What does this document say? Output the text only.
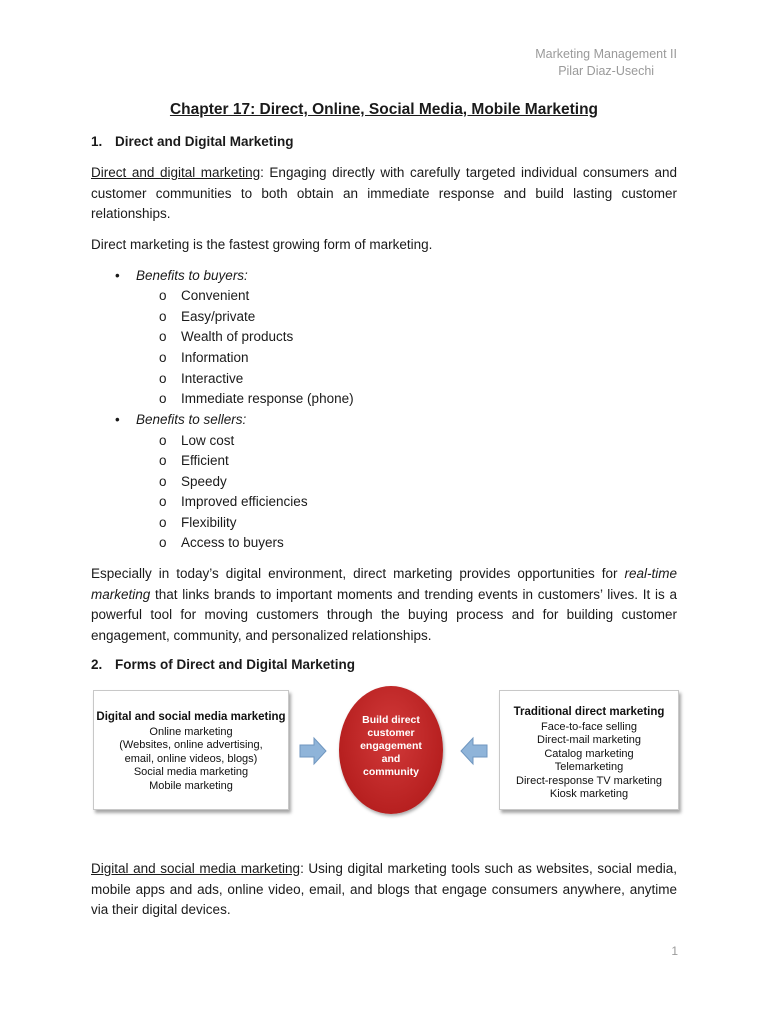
Marketing Management II
Pilar Diaz-Usechi
Chapter 17: Direct, Online, Social Media, Mobile Marketing
1. Direct and Digital Marketing
Direct and digital marketing: Engaging directly with carefully targeted individual consumers and customer communities to both obtain an immediate response and build lasting customer relationships.
Direct marketing is the fastest growing form of marketing.
• Benefits to buyers:
o Convenient
o Easy/private
o Wealth of products
o Information
o Interactive
o Immediate response (phone)
• Benefits to sellers:
o Low cost
o Efficient
o Speedy
o Improved efficiencies
o Flexibility
o Access to buyers
Especially in today’s digital environment, direct marketing provides opportunities for real-time marketing that links brands to important moments and trending events in customers’ lives. It is a powerful tool for moving customers through the buying process and for building customer engagement, community, and personalized relationships.
2. Forms of Direct and Digital Marketing
Digital and social media marketing
Online marketing
(Websites, online advertising,
email, online videos, blogs)
Social media marketing
Mobile marketing
Build direct
customer
engagement
and
community
Traditional direct marketing
Face-to-face selling
Direct-mail marketing
Catalog marketing
Telemarketing
Direct-response TV marketing
Kiosk marketing
Digital and social media marketing: Using digital marketing tools such as websites, social media, mobile apps and ads, online video, email, and blogs that engage consumers anywhere, anytime via their digital devices.
1
